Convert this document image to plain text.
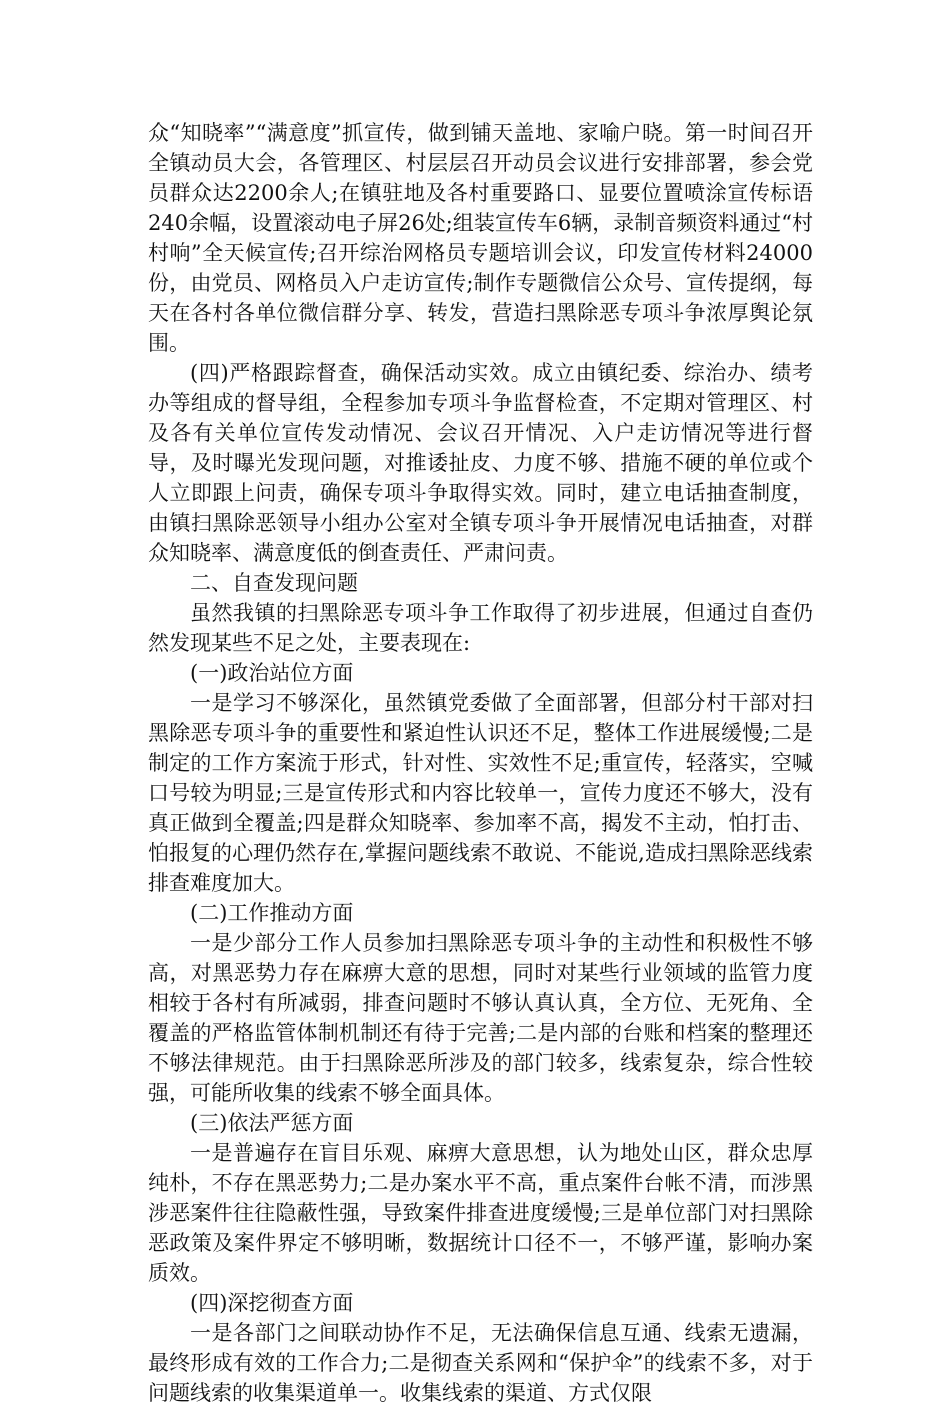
众“知晓率”“满意度”抓宣传，做到铺天盖地、家喻户晓。第一时间召开全镇动员大会，各管理区、村层层召开动员会议进行安排部署，参会党员群众达2200余人;在镇驻地及各村重要路口、显要位置喷涂宣传标语240余幅，设置滚动电子屏26处;组装宣传车6辆，录制音频资料通过“村村响”全天候宣传;召开综治网格员专题培训会议，印发宣传材料24000份，由党员、网格员入户走访宣传;制作专题微信公众号、宣传提纲，每天在各村各单位微信群分享、转发，营造扫黑除恶专项斗争浓厚舆论氛围。

(四)严格跟踪督查，确保活动实效。成立由镇纪委、综治办、绩考办等组成的督导组，全程参加专项斗争监督检查，不定期对管理区、村及各有关单位宣传发动情况、会议召开情况、入户走访情况等进行督导，及时曝光发现问题，对推诿扯皮、力度不够、措施不硬的单位或个人立即跟上问责，确保专项斗争取得实效。同时，建立电话抽查制度，由镇扫黑除恶领导小组办公室对全镇专项斗争开展情况电话抽查，对群众知晓率、满意度低的倒查责任、严肃问责。

二、自查发现问题

虽然我镇的扫黑除恶专项斗争工作取得了初步进展，但通过自查仍然发现某些不足之处，主要表现在:

(一)政治站位方面

一是学习不够深化，虽然镇党委做了全面部署，但部分村干部对扫黑除恶专项斗争的重要性和紧迫性认识还不足，整体工作进展缓慢;二是制定的工作方案流于形式，针对性、实效性不足;重宣传，轻落实，空喊口号较为明显;三是宣传形式和内容比较单一，宣传力度还不够大，没有真正做到全覆盖;四是群众知晓率、参加率不高，揭发不主动，怕打击、怕报复的心理仍然存在,掌握问题线索不敢说、不能说,造成扫黑除恶线索排查难度加大。

(二)工作推动方面

一是少部分工作人员参加扫黑除恶专项斗争的主动性和积极性不够高，对黑恶势力存在麻痹大意的思想，同时对某些行业领域的监管力度相较于各村有所减弱，排查问题时不够认真认真，全方位、无死角、全覆盖的严格监管体制机制还有待于完善;二是内部的台账和档案的整理还不够法律规范。由于扫黑除恶所涉及的部门较多，线索复杂，综合性较强，可能所收集的线索不够全面具体。

(三)依法严惩方面

一是普遍存在盲目乐观、麻痹大意思想，认为地处山区，群众忠厚纯朴，不存在黑恶势力;二是办案水平不高，重点案件台帐不清，而涉黑涉恶案件往往隐蔽性强，导致案件排查进度缓慢;三是单位部门对扫黑除恶政策及案件界定不够明晰，数据统计口径不一，不够严谨，影响办案质效。

(四)深挖彻查方面

一是各部门之间联动协作不足，无法确保信息互通、线索无遗漏，最终形成有效的工作合力;二是彻查关系网和“保护伞”的线索不多，对于问题线索的收集渠道单一。收集线索的渠道、方式仅限
